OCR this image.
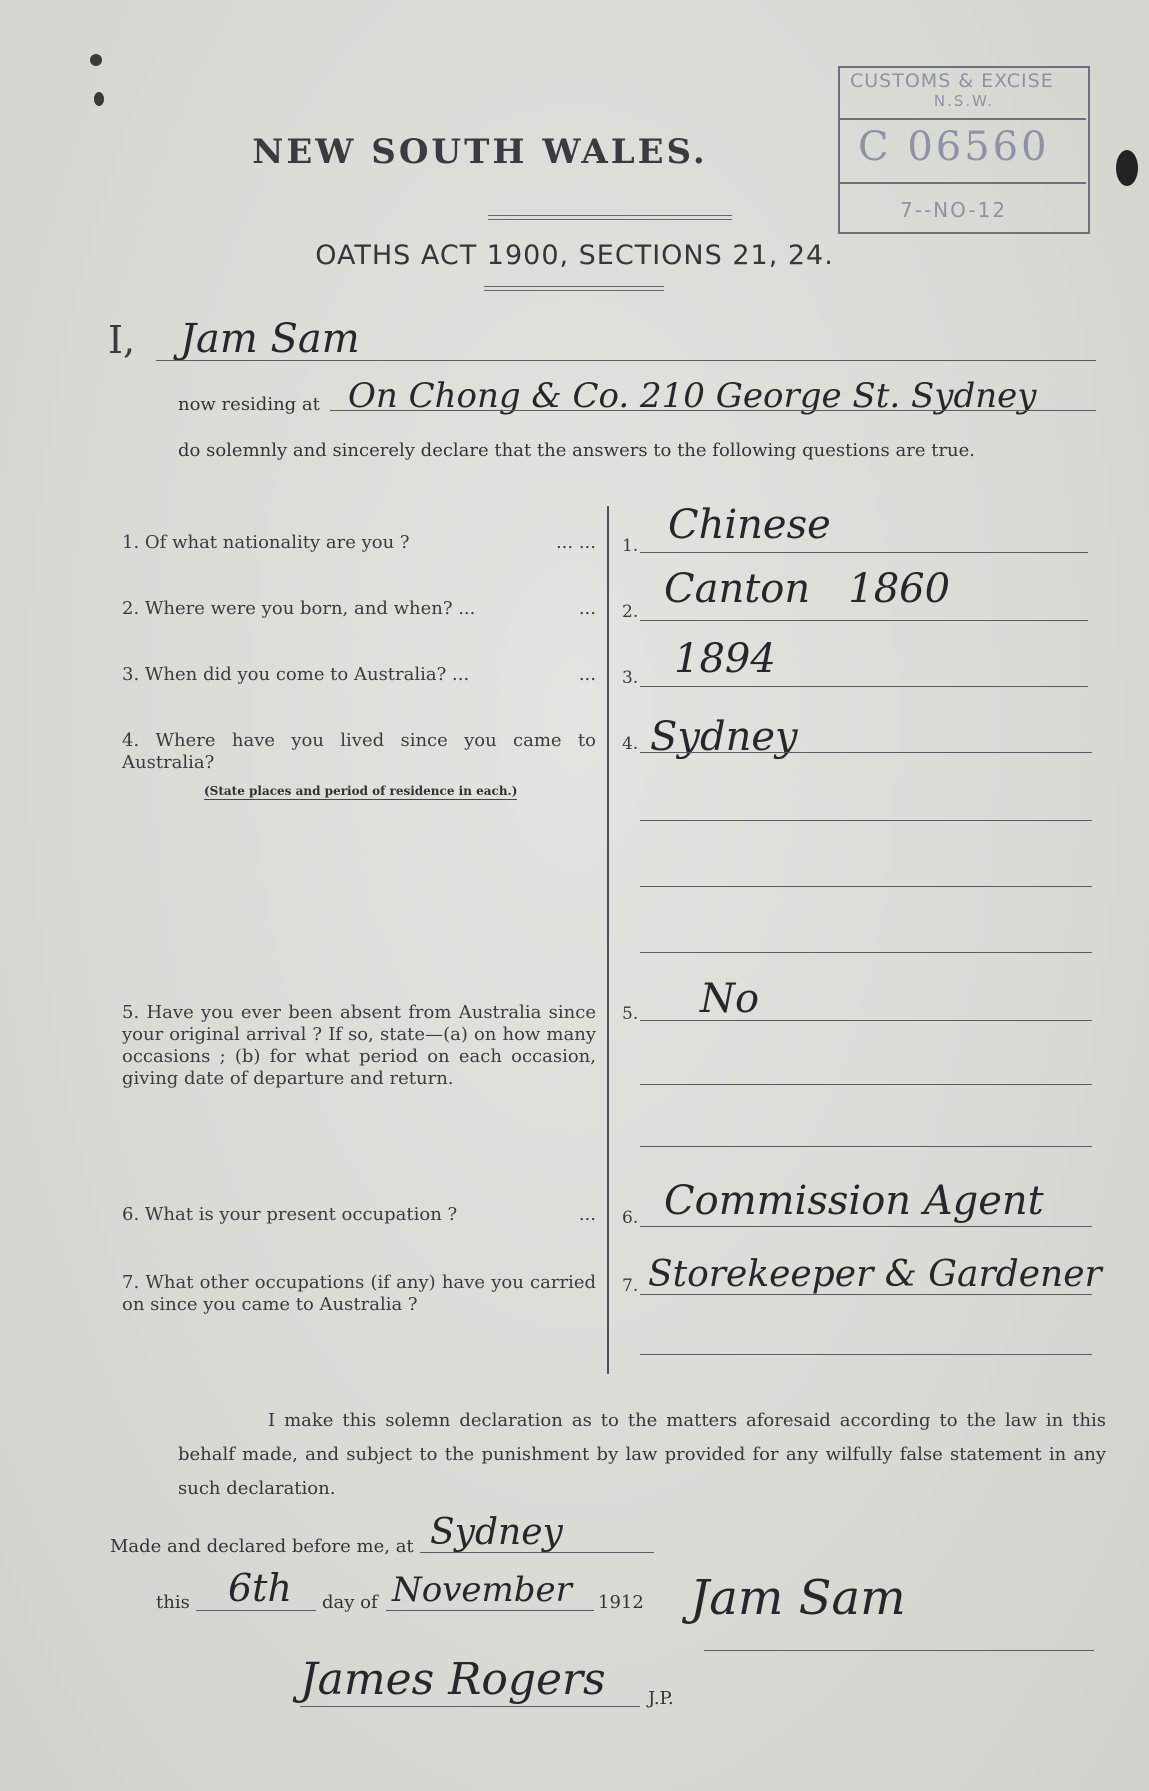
NEW SOUTH WALES.
OATHS ACT 1900, SECTIONS 21, 24.
CUSTOMS & EXCISE
N.S.W.
C 06560
7--NO-12
I, Jam Sam
now residing at On Chong & Co. 210 George St. Sydney
do solemnly and sincerely declare that the answers to the following questions are true.
1. Of what nationality are you ?	... ... 1. Chinese
2. Where were you born, and when? ...	... 2. Canton   1860
3. When did you come to Australia? ...	... 3. 1894
4. Where have you lived since you came to Australia?
(State places and period of residence in each.)
4. Sydney
5. Have you ever been absent from Australia since your original arrival ? If so, state—(a) on how many occasions ; (b) for what period on each occasion, giving date of departure and return.
5. No
6. What is your present occupation ?	... 6. Commission Agent
7. What other occupations (if any) have you carried on since you came to Australia ?
7. Storekeeper & Gardener
I make this solemn declaration as to the matters aforesaid according to the law in this behalf made, and subject to the punishment by law provided for any wilfully false statement in any such declaration.
Made and declared before me, at Sydney
this 6th day of November 1912 Jam Sam
James Rogers J.P.
